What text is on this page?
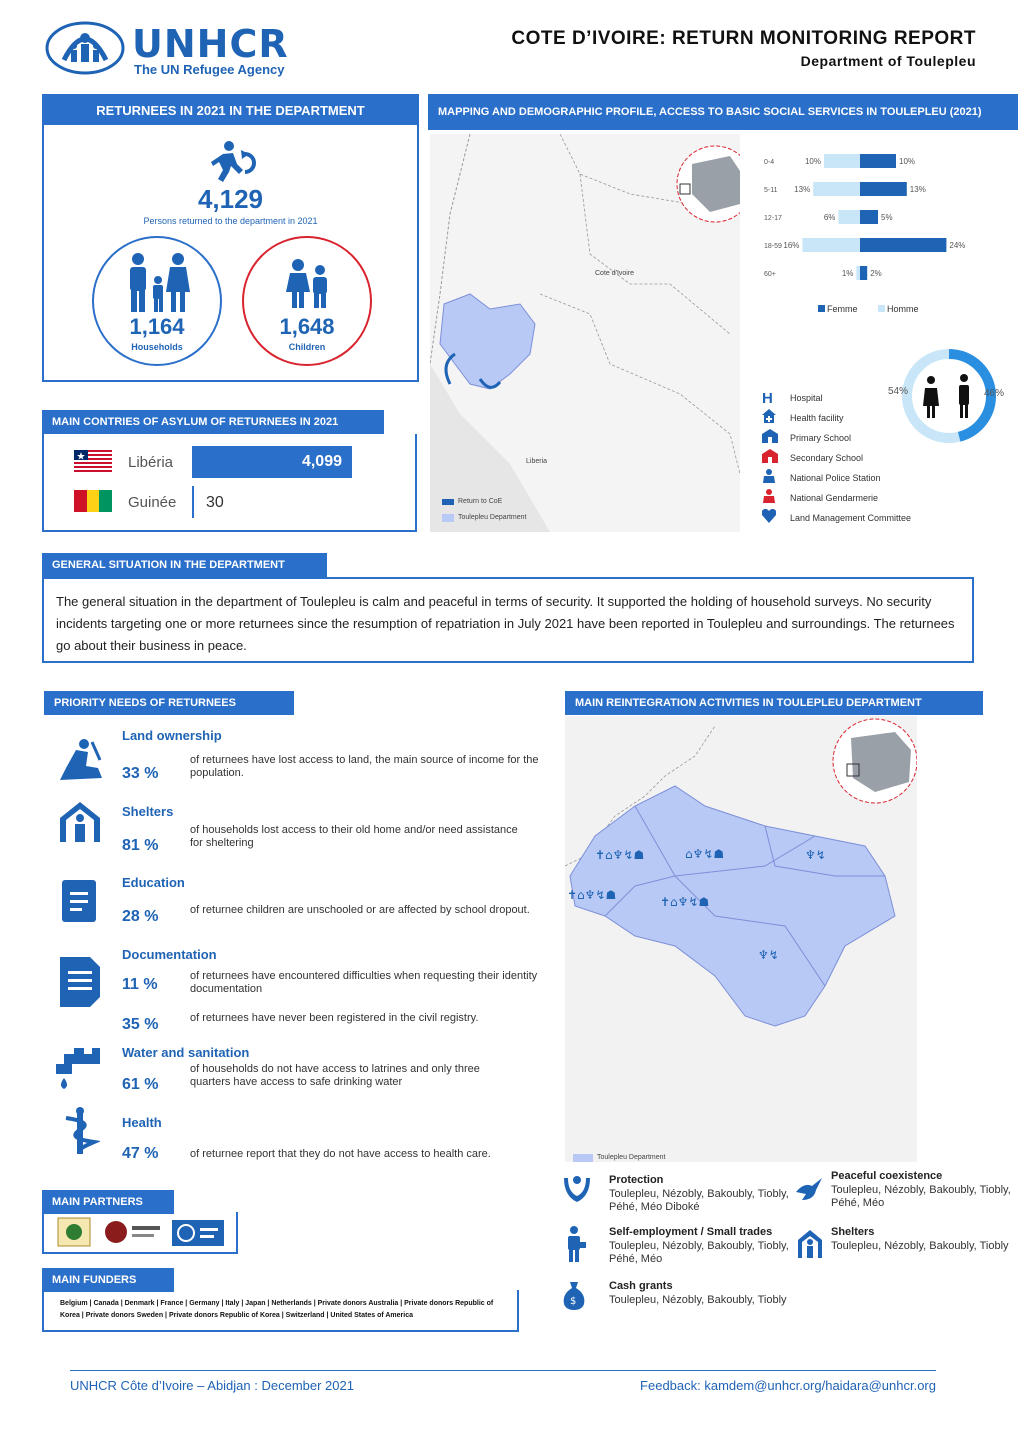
UNHCR
The UN Refugee Agency
COTE D’IVOIRE: RETURN MONITORING REPORT
Department of Toulepleu
RETURNEES IN 2021 IN THE DEPARTMENT
4,129
Persons returned to the department in 2021
1,164
Households
1,648
Children
MAIN CONTRIES OF ASYLUM OF RETURNEES IN 2021
Libéria	4,099
Guinée 30
MAPPING AND DEMOGRAPHIC PROFILE, ACCESS TO BASIC SOCIAL SERVICES IN TOULEPLEU (2021)
Cote d'Ivoire
Liberia
Return to CoE
Toulepleu Department
0-4	10%	10%
5-11 13%	13%
12-17	6%	5%
18-59 16%	24%
60+	1% 2%
Femme	Homme
H	Hospital
Health facility
Primary School
Secondary School
National Police Station
National Gendarmerie
Land Management Committee
54%	46%
GENERAL SITUATION IN THE DEPARTMENT
The general situation in the department of Toulepleu is calm and peaceful in terms of security. It supported the holding of household surveys. No security incidents targeting one or more returnees since the resumption of repatriation in July 2021 have been reported in Toulepleu and surroundings. The returnees go about their business in peace.
PRIORITY NEEDS OF RETURNEES
Land ownership
33 %
of returnees have lost access to land, the main source of income for the population.
Shelters
81 %
of households lost access to their old home and/or need assistance for sheltering
Education
28 %	of returnee children are unschooled or are affected by school dropout.
Documentation
11 %	of returnees have encountered difficulties when requesting their identity documentation
35 %	of returnees have never been registered in the civil registry.
Water and sanitation
61 %
of households do not have access to latrines and only three quarters have access to safe drinking water
Health
47 %	of returnee report that they do not have access to health care.
MAIN PARTNERS
MAIN FUNDERS
Belgium | Canada | Denmark | France | Germany | Italy | Japan | Netherlands | Private donors Australia | Private donors Republic of Korea | Private donors Sweden | Private donors Republic of Korea | Switzerland | United States of America
MAIN REINTEGRATION ACTIVITIES IN TOULEPLEU DEPARTMENT
✝⌂♆↯☗	⌂♆↯☗	♆↯
✝⌂♆↯☗	✝⌂♆↯☗
♆↯
Toulepleu Department
Protection
Toulepleu, Nézobly, Bakoubly, Tiobly, Péhé, Méo Diboké
Peaceful coexistence
Toulepleu, Nézobly, Bakoubly, Tiobly, Péhé, Méo
Self-employment / Small trades
Toulepleu, Nézobly, Bakoubly, Tiobly, Péhé, Méo
Shelters
Toulepleu, Nézobly, Bakoubly, Tiobly
$
Cash grants
Toulepleu, Nézobly, Bakoubly, Tiobly
UNHCR Côte d’Ivoire – Abidjan : December 2021	Feedback: kamdem@unhcr.org/haidara@unhcr.org
